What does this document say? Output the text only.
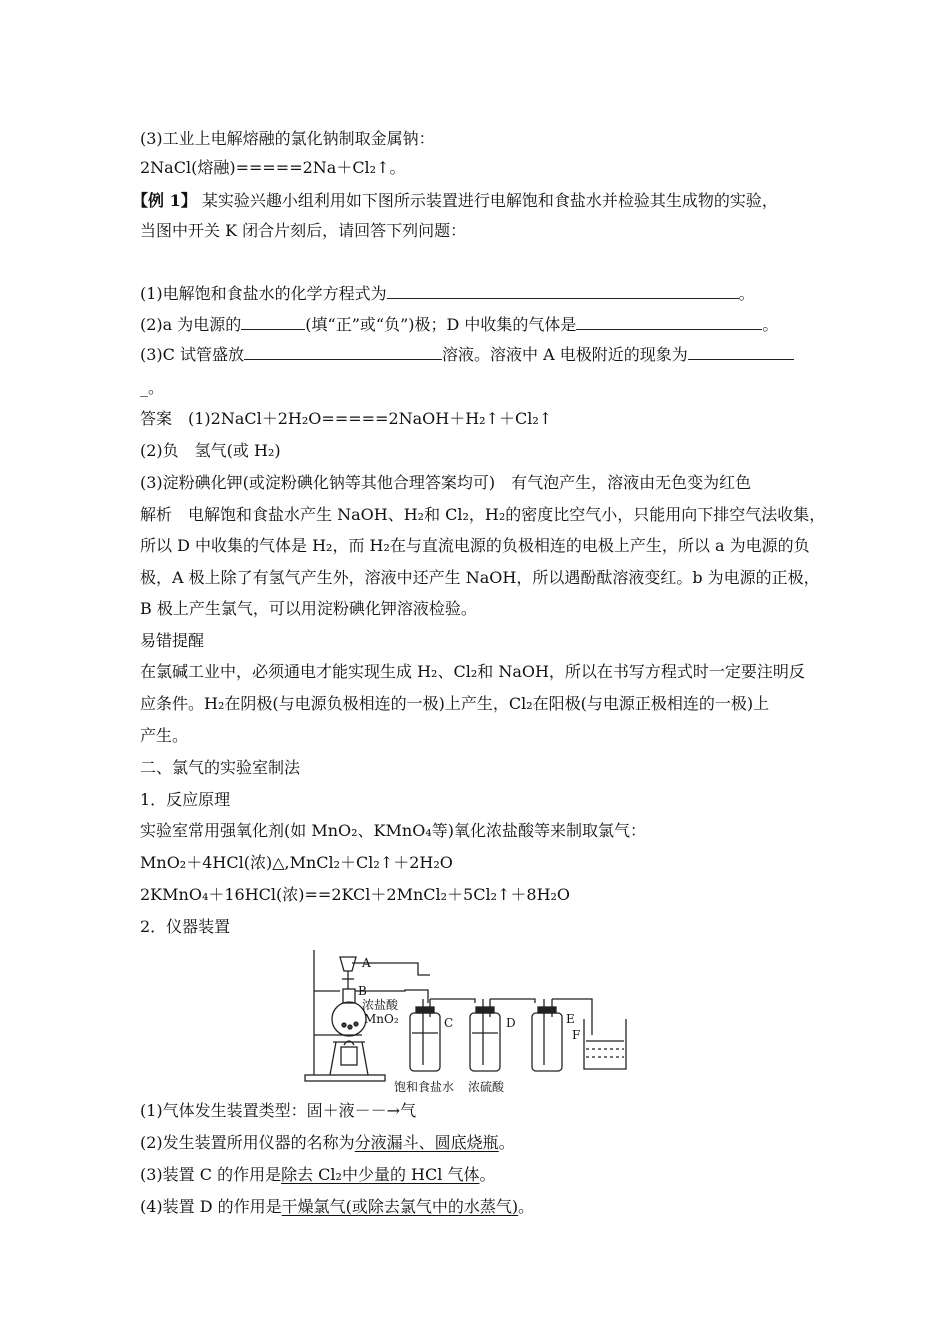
(3)工业上电解熔融的氯化钠制取金属钠：
2NaCl(熔融)=====2Na＋Cl₂↑。
【例 1】 某实验兴趣小组利用如下图所示装置进行电解饱和食盐水并检验其生成物的实验，
当图中开关 K 闭合片刻后，请回答下列问题：
(1)电解饱和食盐水的化学方程式为	。
(2)a 为电源的	(填“正”或“负”)极；D 中收集的气体是	。
(3)C 试管盛放	溶液。溶液中 A 电极附近的现象为
_。
答案　(1)2NaCl＋2H₂O=====2NaOH＋H₂↑＋Cl₂↑
(2)负　氢气(或 H₂)
(3)淀粉碘化钾(或淀粉碘化钠等其他合理答案均可)　有气泡产生，溶液由无色变为红色
解析　电解饱和食盐水产生 NaOH、H₂和 Cl₂，H₂的密度比空气小，只能用向下排空气法收集，
所以 D 中收集的气体是 H₂，而 H₂在与直流电源的负极相连的电极上产生，所以 a 为电源的负
极，A 极上除了有氢气产生外，溶液中还产生 NaOH，所以遇酚酞溶液变红。b 为电源的正极，
B 极上产生氯气，可以用淀粉碘化钾溶液检验。
易错提醒
在氯碱工业中，必须通电才能实现生成 H₂、Cl₂和 NaOH，所以在书写方程式时一定要注明反
应条件。H₂在阴极(与电源负极相连的一极)上产生，Cl₂在阳极(与电源正极相连的一极)上
产生。
二、氯气的实验室制法
1．反应原理
实验室常用强氧化剂(如 MnO₂、KMnO₄等)氧化浓盐酸等来制取氯气：
MnO₂＋4HCl(浓)△,MnCl₂＋Cl₂↑＋2H₂O
2KMnO₄＋16HCl(浓)==2KCl＋2MnCl₂＋5Cl₂↑＋8H₂O
2．仪器装置
A
B
C	D	E
F
浓盐酸
MnO₂
饱和食盐水 浓硫酸
(1)气体发生装置类型：固＋液－－→气
(2)发生装置所用仪器的名称为分液漏斗、圆底烧瓶。
(3)装置 C 的作用是除去 Cl₂中少量的 HCl 气体。
(4)装置 D 的作用是干燥氯气(或除去氯气中的水蒸气)。
